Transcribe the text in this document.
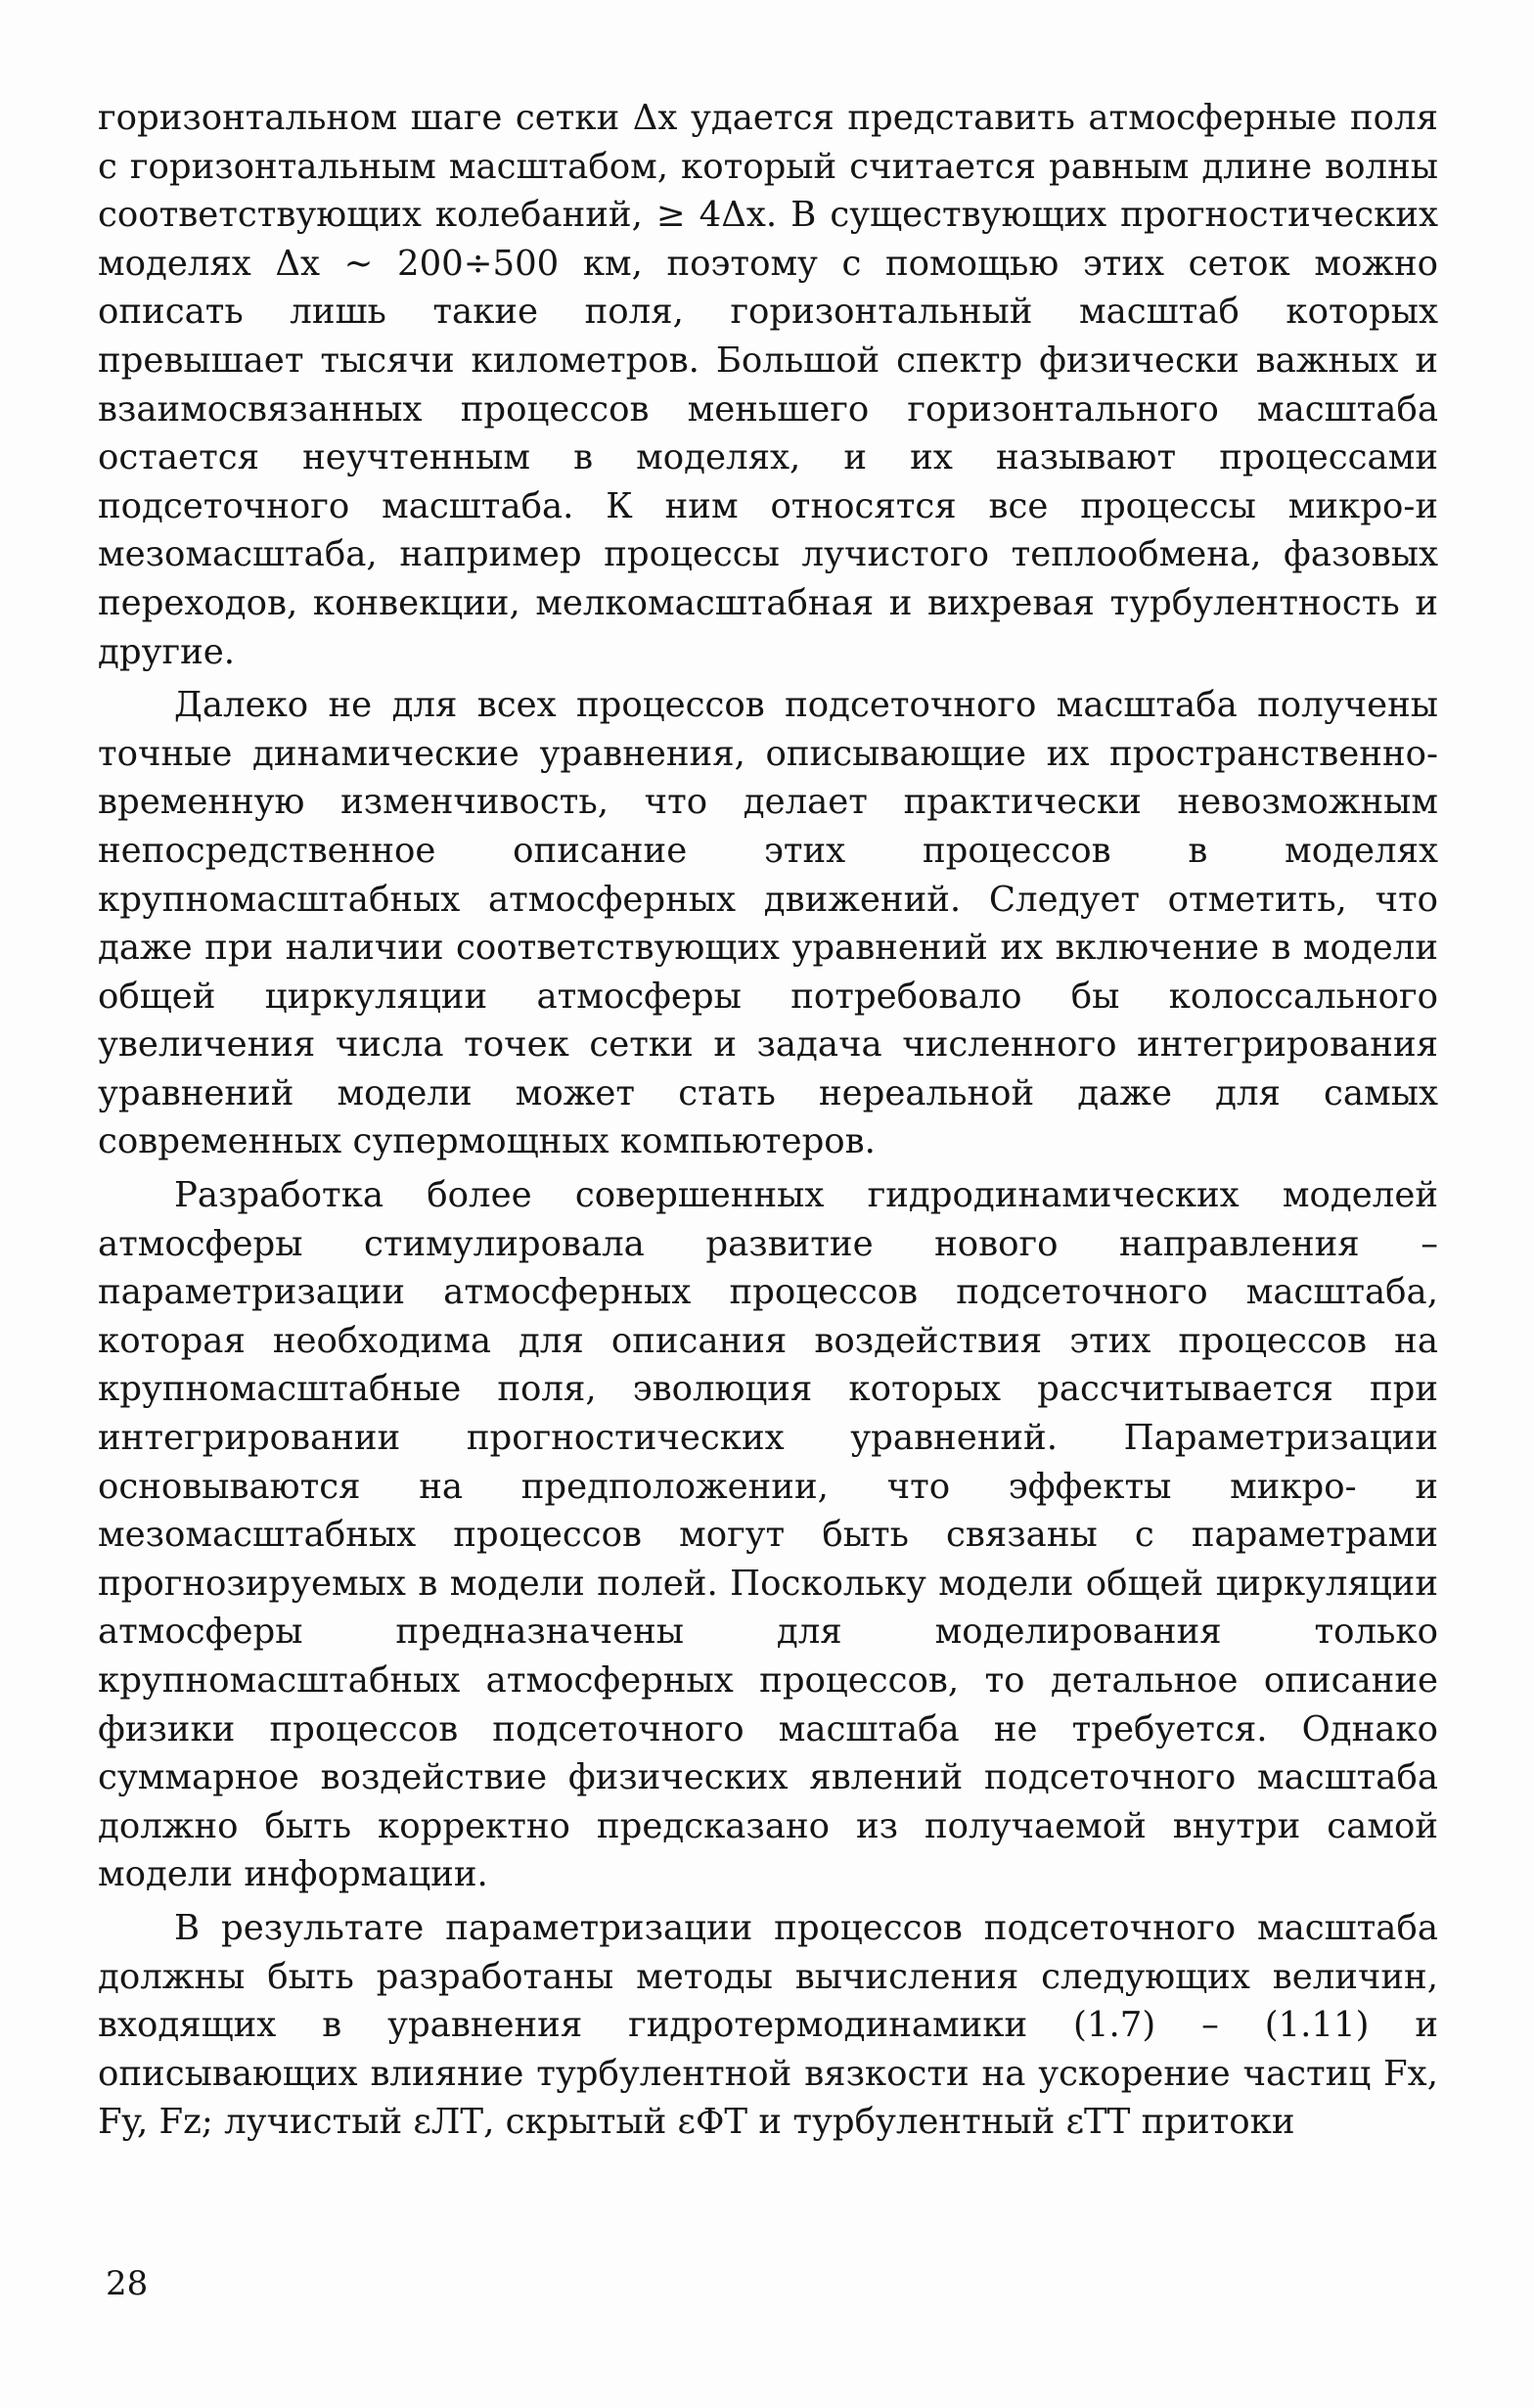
горизонтальном шаге сетки Δx удается представить атмосферные поля с горизонтальным масштабом, который считается равным длине волны соответствующих колебаний, ≥ 4Δx. В существующих прогностических моделях Δx ~ 200÷500 км, поэтому с помощью этих сеток можно описать лишь такие поля, горизонтальный масштаб которых превышает тысячи километров. Большой спектр физически важных и взаимосвязанных процессов меньшего горизонтального масштаба остается неучтенным в моделях, и их называют процессами подсеточного масштаба. К ним относятся все процессы микро-и мезомасштаба, например процессы лучистого теплообмена, фазовых переходов, конвекции, мелкомасштабная и вихревая турбулентность и другие.

Далеко не для всех процессов подсеточного масштаба получены точные динамические уравнения, описывающие их пространственно-временную изменчивость, что делает практически невозможным непосредственное описание этих процессов в моделях крупномасштабных атмосферных движений. Следует отметить, что даже при наличии соответствующих уравнений их включение в модели общей циркуляции атмосферы потребовало бы колоссального увеличения числа точек сетки и задача численного интегрирования уравнений модели может стать нереальной даже для самых современных супермощных компьютеров.

Разработка более совершенных гидродинамических моделей атмосферы стимулировала развитие нового направления – параметризации атмосферных процессов подсеточного масштаба, которая необходима для описания воздействия этих процессов на крупномасштабные поля, эволюция которых рассчитывается при интегрировании прогностических уравнений. Параметризации основываются на предположении, что эффекты микро- и мезомасштабных процессов могут быть связаны с параметрами прогнозируемых в модели полей. Поскольку модели общей циркуляции атмосферы предназначены для моделирования только крупномасштабных атмосферных процессов, то детальное описание физики процессов подсеточного масштаба не требуется. Однако суммарное воздействие физических явлений подсеточного масштаба должно быть корректно предсказано из получаемой внутри самой модели информации.

В результате параметризации процессов подсеточного масштаба должны быть разработаны методы вычисления следующих величин, входящих в уравнения гидротермодинамики (1.7) – (1.11) и описывающих влияние турбулентной вязкости на ускорение частиц Fx, Fy, Fz; лучистый εЛТ, скрытый εФТ и турбулентный εТТ притоки

28
